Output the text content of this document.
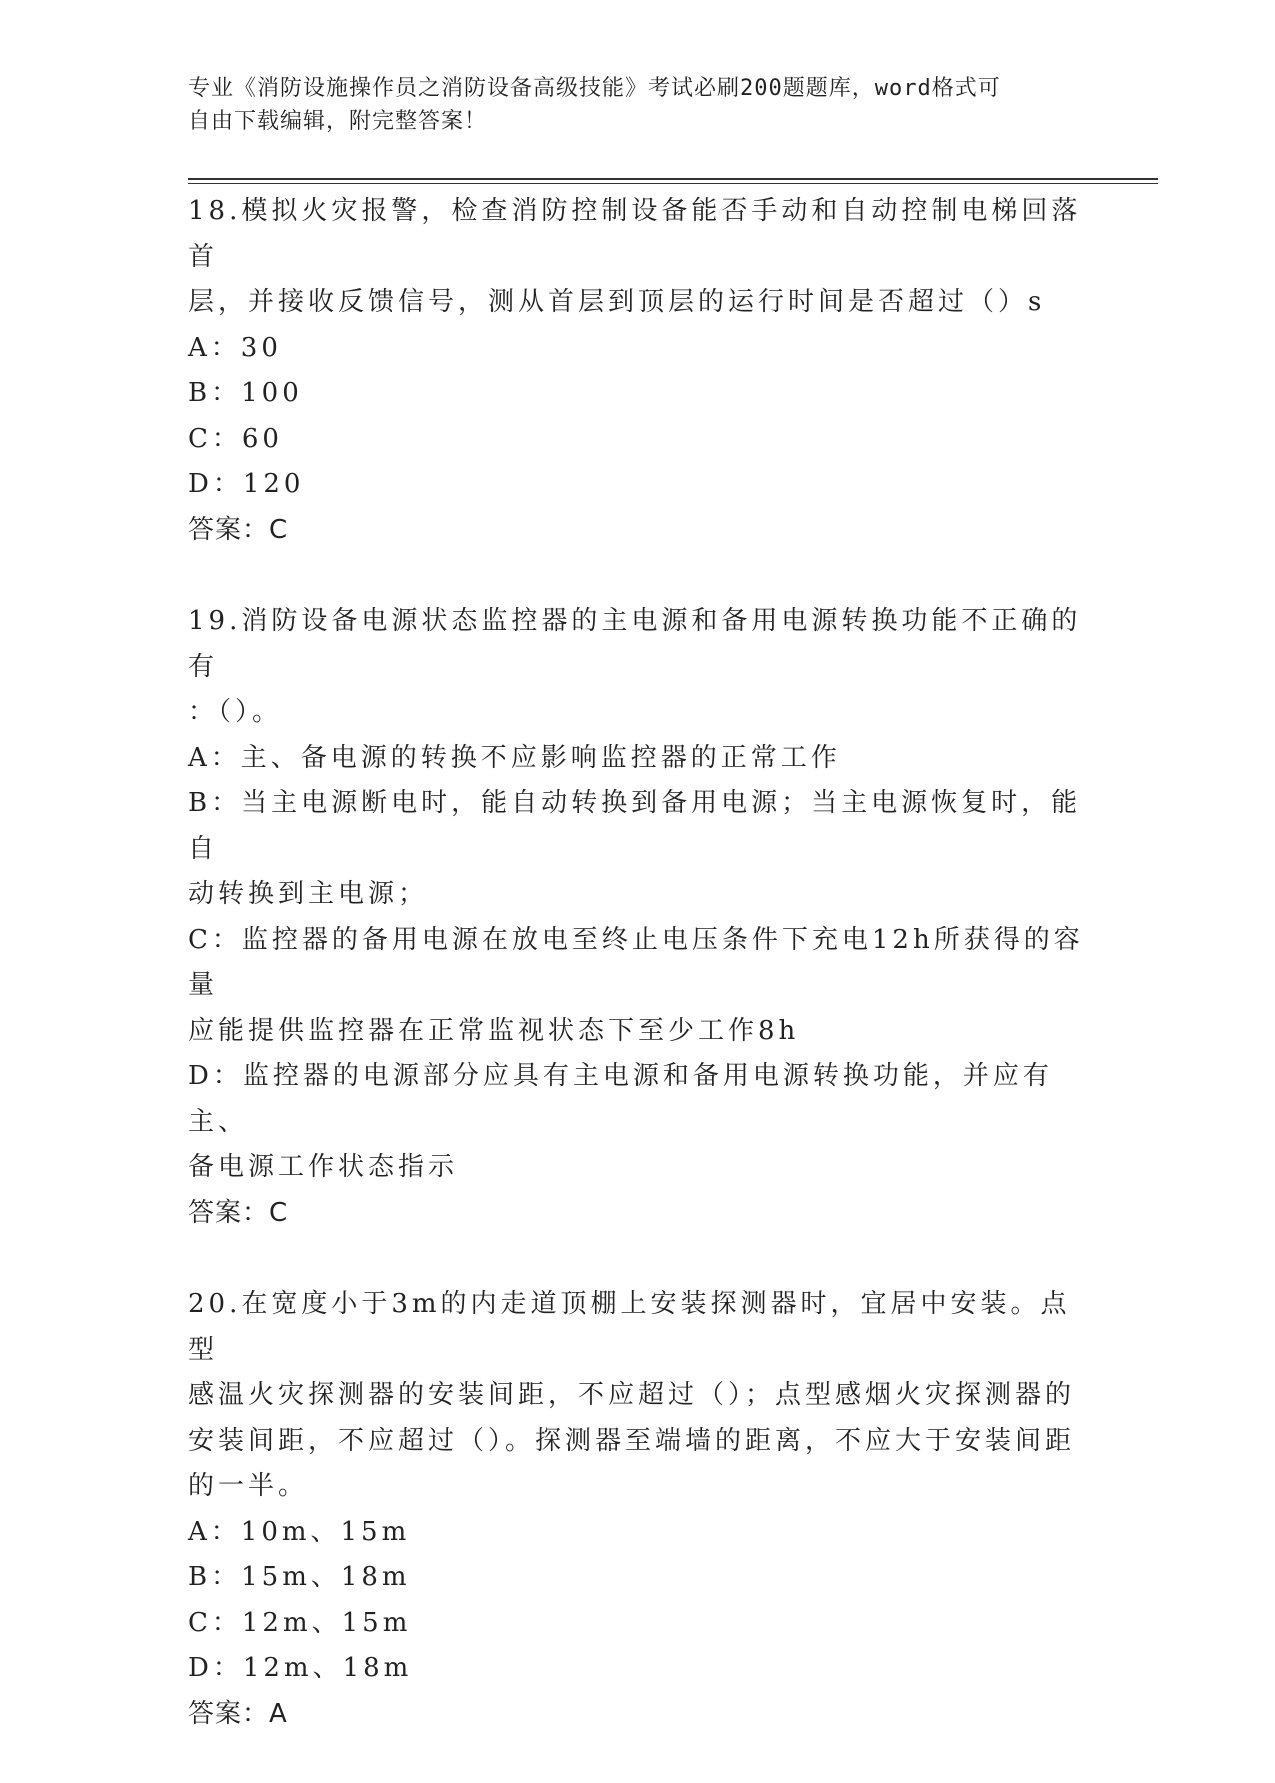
专业《消防设施操作员之消防设备高级技能》考试必刷200题题库，word格式可
自由下载编辑，附完整答案！
18.模拟火灾报警，检查消防控制设备能否手动和自动控制电梯回落首
层，并接收反馈信号，测从首层到顶层的运行时间是否超过（）s
A：30
B：100
C：60
D：120
答案：C
19.消防设备电源状态监控器的主电源和备用电源转换功能不正确的有
：（）。
A：主、备电源的转换不应影响监控器的正常工作
B：当主电源断电时，能自动转换到备用电源；当主电源恢复时，能自
动转换到主电源；
C：监控器的备用电源在放电至终止电压条件下充电12h所获得的容量
应能提供监控器在正常监视状态下至少工作8h
D：监控器的电源部分应具有主电源和备用电源转换功能，并应有主、
备电源工作状态指示
答案：C
20.在宽度小于3m的内走道顶棚上安装探测器时，宜居中安装。点型
感温火灾探测器的安装间距，不应超过（）；点型感烟火灾探测器的
安装间距，不应超过（）。探测器至端墙的距离，不应大于安装间距
的一半。
A：10m、15m
B：15m、18m
C：12m、15m
D：12m、18m
答案：A
